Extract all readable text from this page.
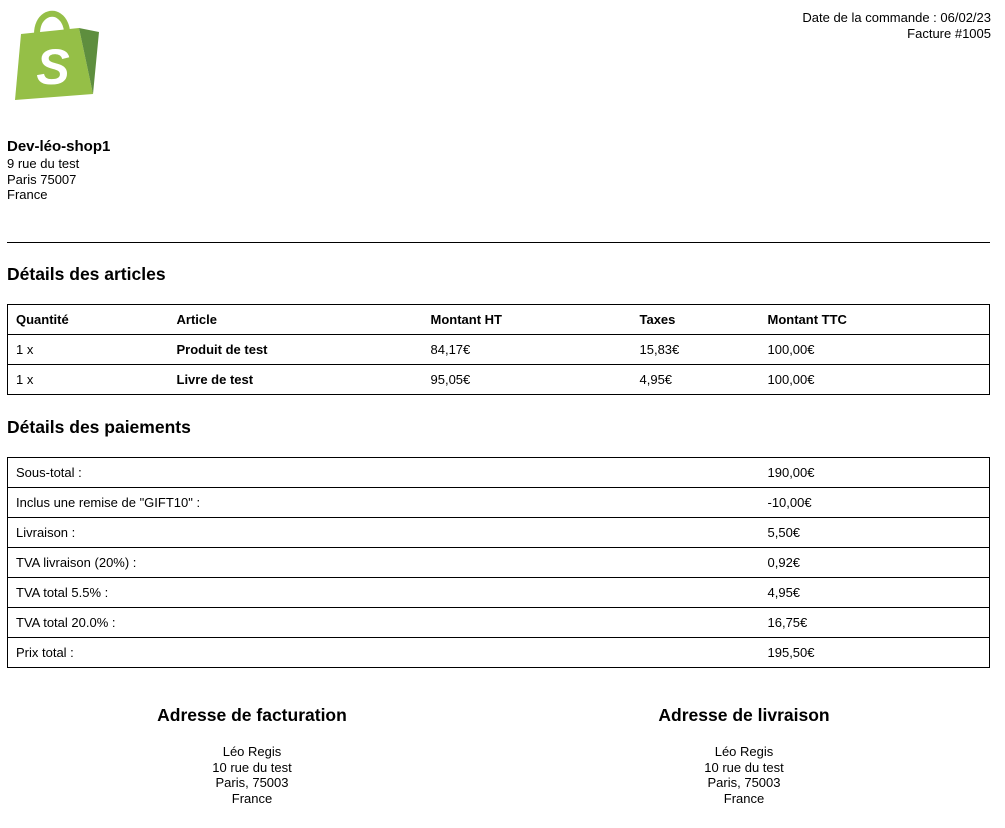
S
Date de la commande : 06/02/23
Facture #1005
Dev-léo-shop1
9 rue du test
Paris 75007
France
Détails des articles
Quantité	Article	Montant HT	Taxes	Montant TTC
1 x	Produit de test	84,17€	15,83€	100,00€
1 x	Livre de test	95,05€	4,95€	100,00€
Détails des paiements
Sous-total :	190,00€
Inclus une remise de "GIFT10" :	-10,00€
Livraison :	5,50€
TVA livraison (20%) :	0,92€
TVA total 5.5% :	4,95€
TVA total 20.0% :	16,75€
Prix total :	195,50€
Adresse de facturation
Léo Regis
10 rue du test
Paris, 75003
France
Adresse de livraison
Léo Regis
10 rue du test
Paris, 75003
France
